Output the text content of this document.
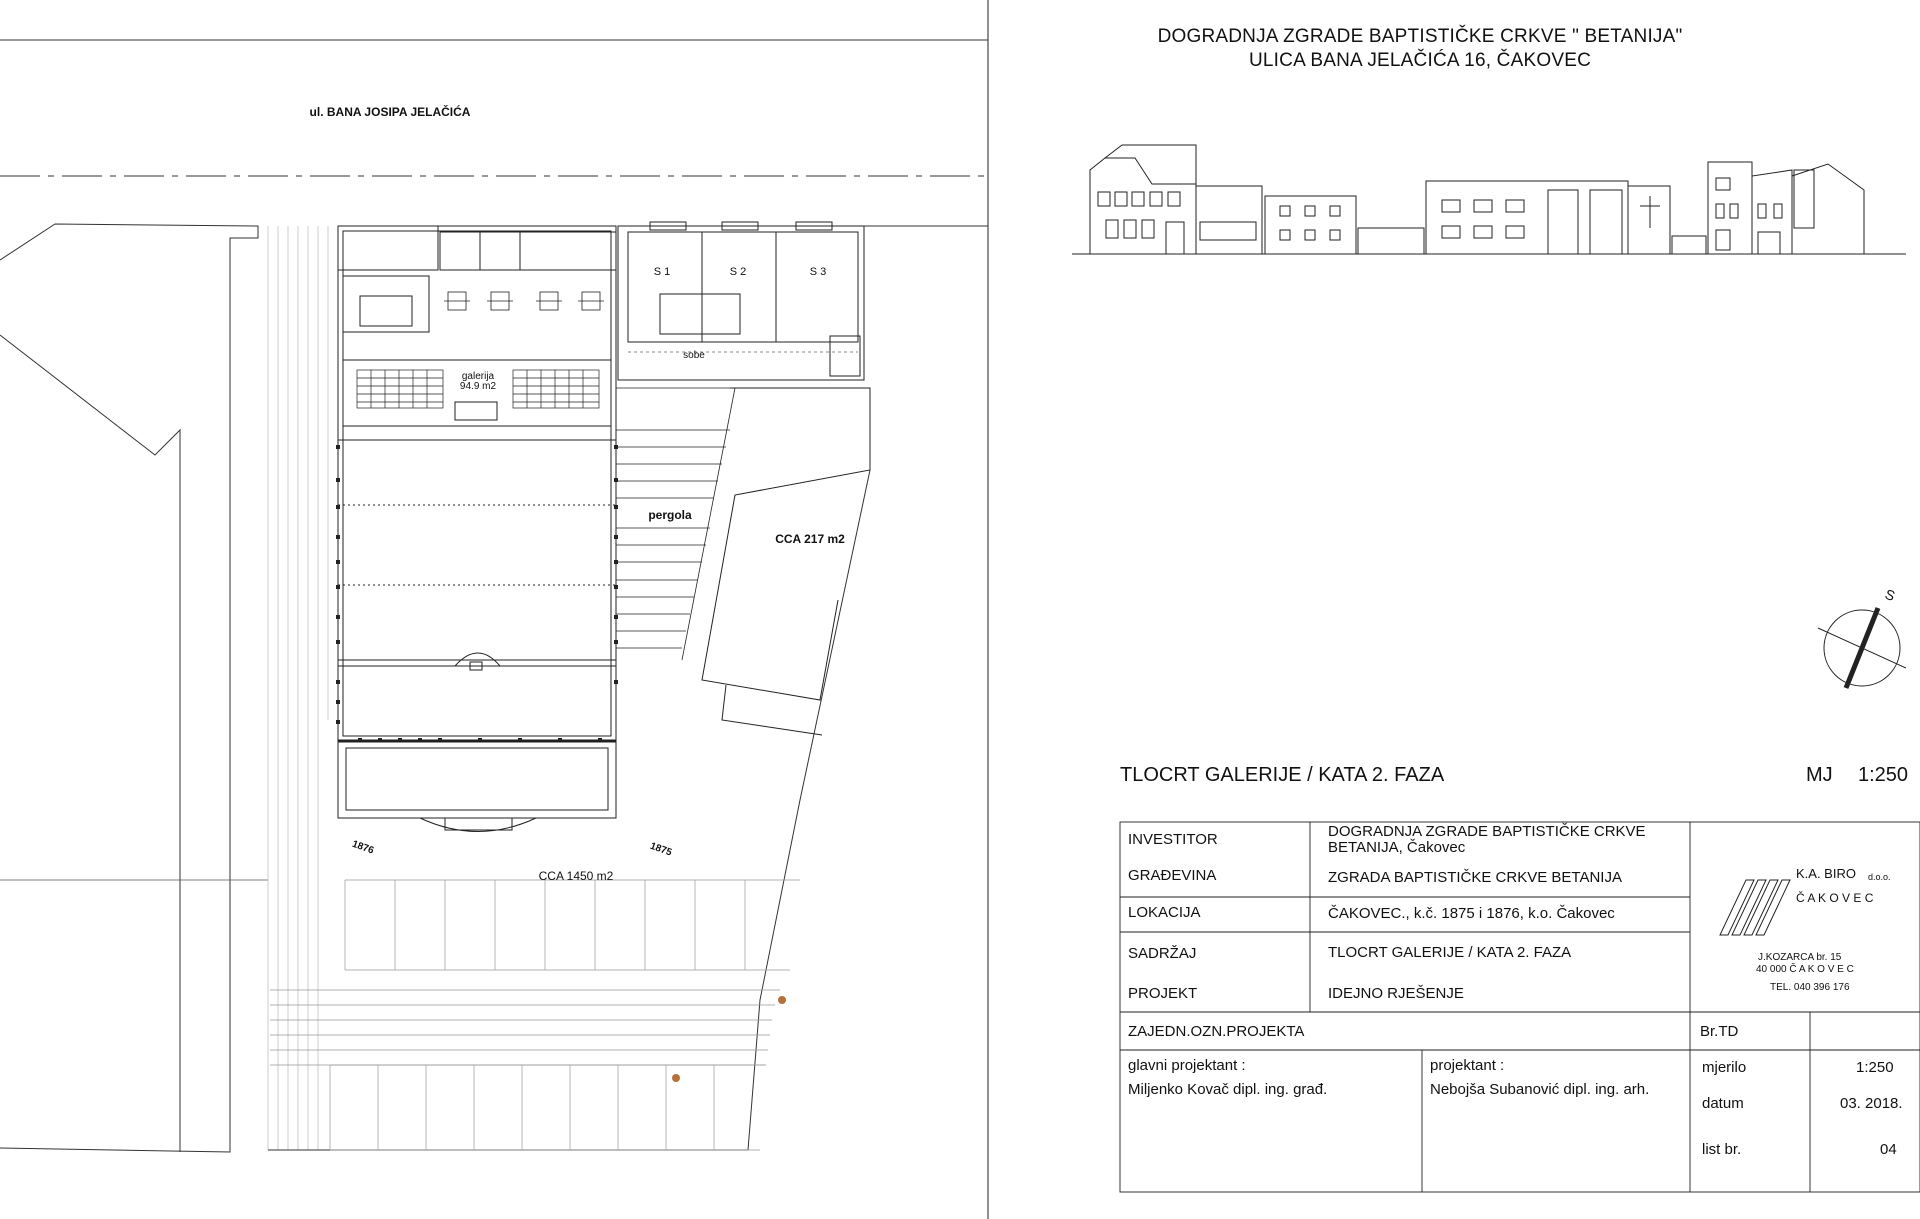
ul. BANA JOSIPA JELAČIĆA
S 1	S 2	S 3
sobe
galerija
94.9 m2
pergola
CCA 217 m2
CCA 1450 m2
1876	1875
S
DOGRADNJA ZGRADE BAPTISTIČKE CRKVE " BETANIJA"
ULICA BANA JELAČIĆA 16, ČAKOVEC
TLOCRT GALERIJE / KATA 2. FAZA	MJ 1:250
INVESTITOR	DOGRADNJA ZGRADE BAPTISTIČKE CRKVE
BETANIJA, Čakovec
GRAĐEVINA	ZGRADA BAPTISTIČKE CRKVE BETANIJA
LOKACIJA	ČAKOVEC., k.č. 1875 i 1876, k.o. Čakovec
SADRŽAJ	TLOCRT GALERIJE / KATA 2. FAZA
PROJEKT	IDEJNO RJEŠENJE
ZAJEDN.OZN.PROJEKTA	Br.TD
glavni projektant :
Miljenko Kovač dipl. ing. građ.
projektant :
Nebojša Subanović dipl. ing. arh.
mjerilo	1:250
datum	03. 2018.
list br.	04
K.A. BIRO d.o.o.
Č A K O V E C
J.KOZARCA br. 15
40 000 Č A K O V E C
TEL. 040 396 176
